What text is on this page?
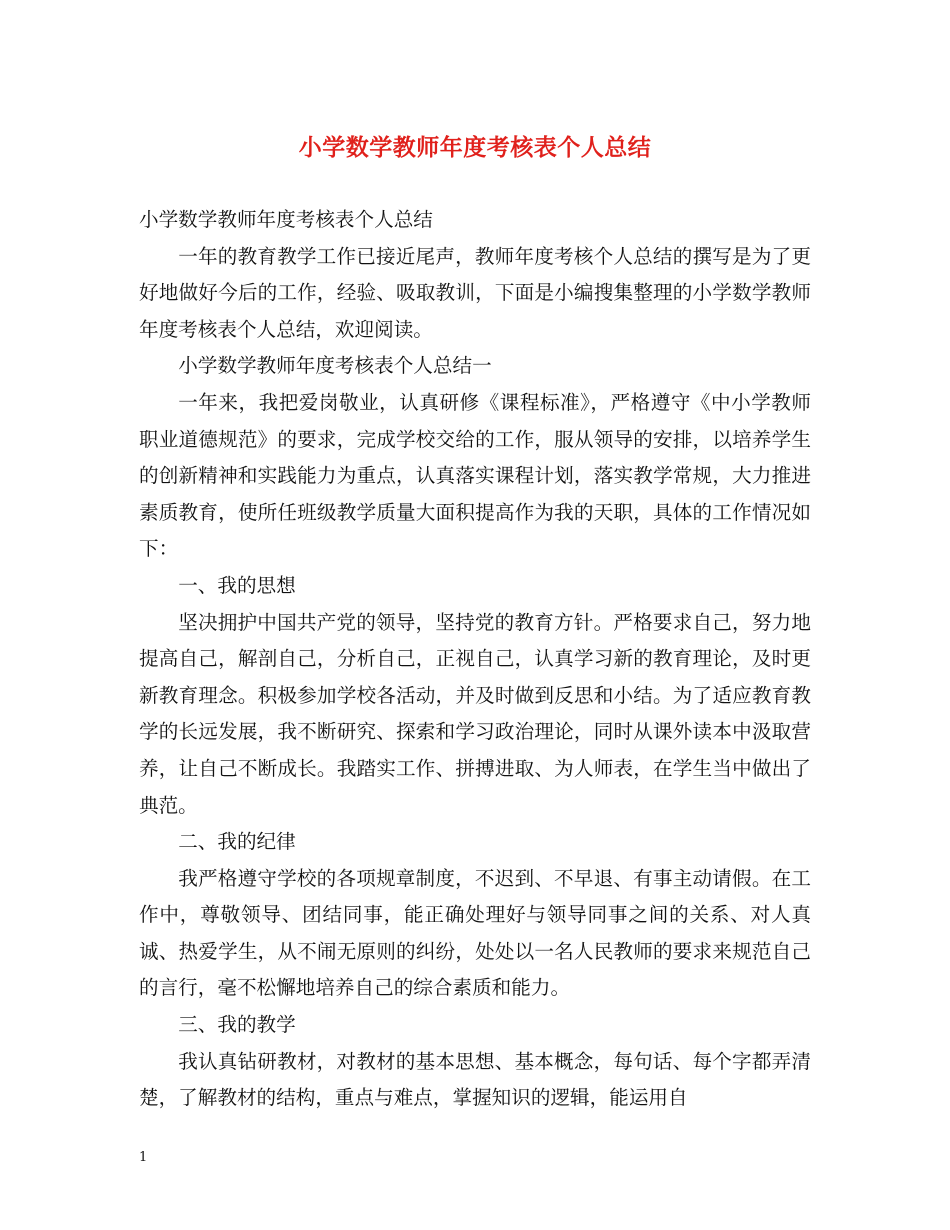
小学数学教师年度考核表个人总结

小学数学教师年度考核表个人总结

一年的教育教学工作已接近尾声，教师年度考核个人总结的撰写是为了更好地做好今后的工作，经验、吸取教训，下面是小编搜集整理的小学数学教师年度考核表个人总结，欢迎阅读。

小学数学教师年度考核表个人总结一

一年来，我把爱岗敬业，认真研修《课程标准》，严格遵守《中小学教师职业道德规范》的要求，完成学校交给的工作，服从领导的安排，以培养学生的创新精神和实践能力为重点，认真落实课程计划，落实教学常规，大力推进素质教育，使所任班级教学质量大面积提高作为我的天职，具体的工作情况如下：

一、我的思想

坚决拥护中国共产党的领导，坚持党的教育方针。严格要求自己，努力地提高自己，解剖自己，分析自己，正视自己，认真学习新的教育理论，及时更新教育理念。积极参加学校各活动，并及时做到反思和小结。为了适应教育教学的长远发展，我不断研究、探索和学习政治理论，同时从课外读本中汲取营养，让自己不断成长。我踏实工作、拼搏进取、为人师表，在学生当中做出了典范。

二、我的纪律

我严格遵守学校的各项规章制度，不迟到、不早退、有事主动请假。在工作中，尊敬领导、团结同事，能正确处理好与领导同事之间的关系、对人真诚、热爱学生，从不闹无原则的纠纷，处处以一名人民教师的要求来规范自己的言行，毫不松懈地培养自己的综合素质和能力。

三、我的教学

我认真钻研教材，对教材的基本思想、基本概念，每句话、每个字都弄清楚，了解教材的结构，重点与难点，掌握知识的逻辑，能运用自

1
